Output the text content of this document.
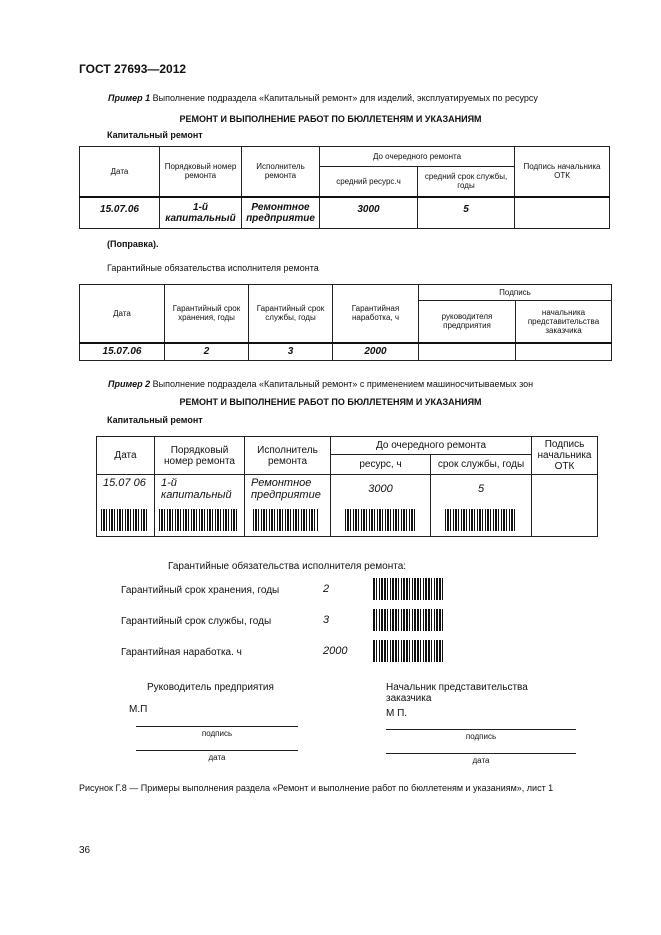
ГОСТ 27693—2012
Пример 1 Выполнение подраздела «Капитальный ремонт» для изделий, эксплуатируемых по ресурсу
РЕМОНТ И ВЫПОЛНЕНИЕ РАБОТ ПО БЮЛЛЕТЕНЯМ И УКАЗАНИЯМ
Капитальный ремонт
Дата	Порядковый номер ремонта	Исполнитель ремонта	До очередного ремонта		Подпись начальника ОТК
			средний ресурс.ч	средний срок службы, годы	
15.07.06	1-й капитальный	Ремонтное предприятие	3000	5	
(Поправка).
Гарантийные обязательства исполнителя ремонта
Дата	Гарантийный срок хранения, годы	Гарантийный срок службы, годы	Гарантийная наработка, ч	Подпись	
				руководителя предприятия	начальника представительства заказчика
15.07.06	2	3	2000		
Пример 2 Выполнение подраздела «Капитальный ремонт» с применением машиносчитываемых зон
РЕМОНТ И ВЫПОЛНЕНИЕ РАБОТ ПО БЮЛЛЕТЕНЯМ И УКАЗАНИЯМ
Капитальный ремонт
Дата	Порядковый номер ремонта	Исполнитель ремонта	До очередного ремонта		Подпись начальника ОТК
			ресурс, ч	срок службы, годы	

15.07 06	1-й капитальный	Ремонтное предприятие	3000	5	

Гарантийные обязательства исполнителя ремонта:
Гарантийный срок хранения, годы	2
Гарантийный срок службы, годы	3
Гарантийная наработка. ч	2000
Руководитель предприятия
М.П
подпись
дата
Начальник представительства заказчика
М П.
подпись
дата
Рисунок Г.8 — Примеры выполнения раздела «Ремонт и выполнение работ по бюллетеням и указаниям», лист 1
36
